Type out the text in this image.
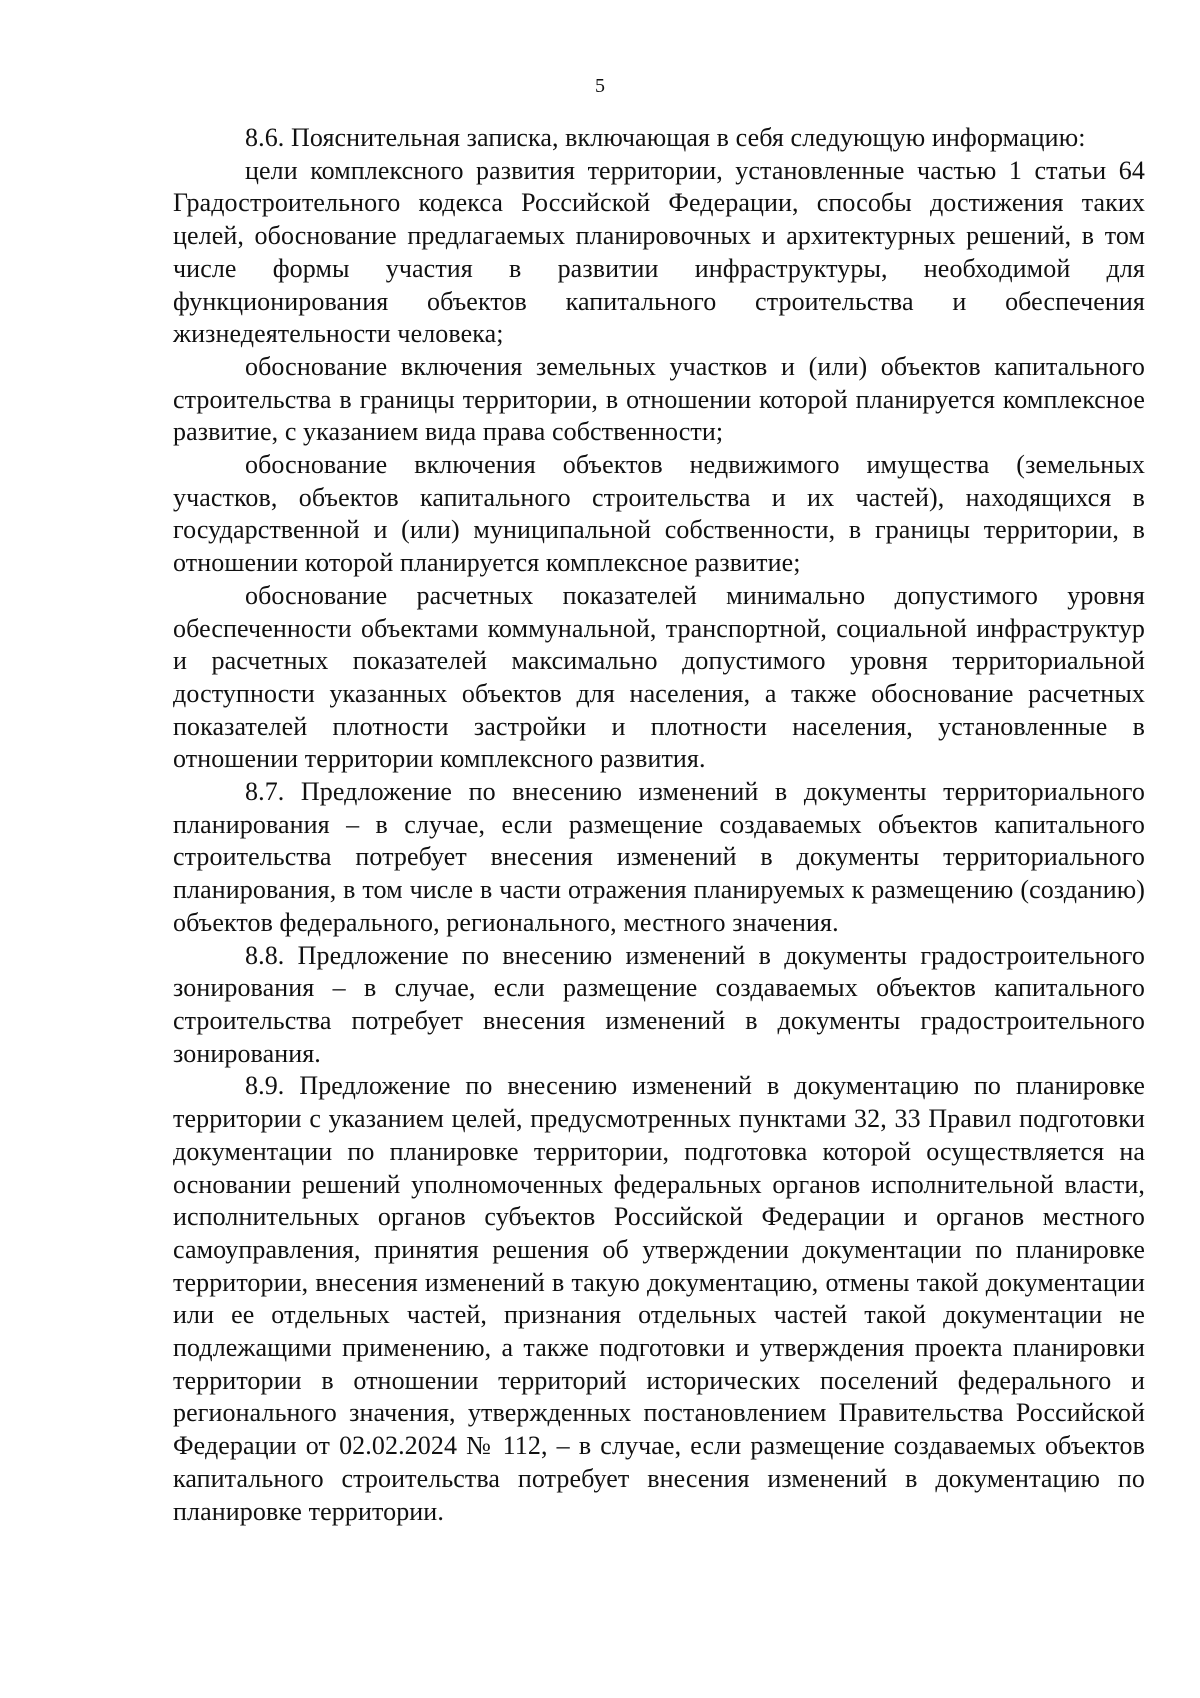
5

8.6. Пояснительная записка, включающая в себя следующую информацию:

цели комплексного развития территории, установленные частью 1 статьи 64 Градостроительного кодекса Российской Федерации, способы достижения таких целей, обоснование предлагаемых планировочных и архитектурных решений, в том числе формы участия в развитии инфраструктуры, необходимой для функционирования объектов капитального строительства и обеспечения жизнедеятельности человека;

обоснование включения земельных участков и (или) объектов капитального строительства в границы территории, в отношении которой планируется комплексное развитие, с указанием вида права собственности;

обоснование включения объектов недвижимого имущества (земельных участков, объектов капитального строительства и их частей), находящихся в государственной и (или) муниципальной собственности, в границы территории, в отношении которой планируется комплексное развитие;

обоснование расчетных показателей минимально допустимого уровня обеспеченности объектами коммунальной, транспортной, социальной инфраструктур и расчетных показателей максимально допустимого уровня территориальной доступности указанных объектов для населения, а также обоснование расчетных показателей плотности застройки и плотности населения, установленные в отношении территории комплексного развития.

8.7. Предложение по внесению изменений в документы территориального планирования – в случае, если размещение создаваемых объектов капитального строительства потребует внесения изменений в документы территориального планирования, в том числе в части отражения планируемых к размещению (созданию) объектов федерального, регионального, местного значения.

8.8. Предложение по внесению изменений в документы градостроительного зонирования – в случае, если размещение создаваемых объектов капитального строительства потребует внесения изменений в документы градостроительного зонирования.

8.9. Предложение по внесению изменений в документацию по планировке территории с указанием целей, предусмотренных пунктами 32, 33 Правил подготовки документации по планировке территории, подготовка которой осуществляется на основании решений уполномоченных федеральных органов исполнительной власти, исполнительных органов субъектов Российской Федерации и органов местного самоуправления, принятия решения об утверждении документации по планировке территории, внесения изменений в такую документацию, отмены такой документации или ее отдельных частей, признания отдельных частей такой документации не подлежащими применению, а также подготовки и утверждения проекта планировки территории в отношении территорий исторических поселений федерального и регионального значения, утвержденных постановлением Правительства Российской Федерации от 02.02.2024 № 112, – в случае, если размещение создаваемых объектов капитального строительства потребует внесения изменений в документацию по планировке территории.
